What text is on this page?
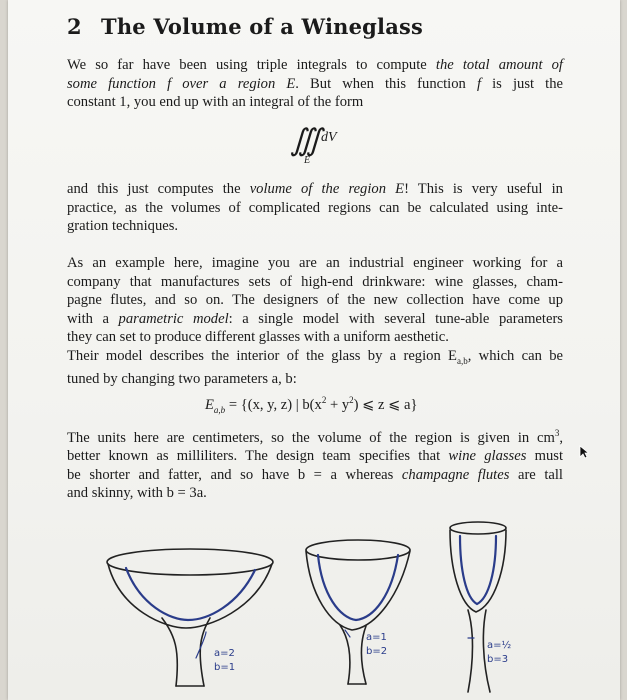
2 The Volume of a Wineglass
We so far have been using triple integrals to compute the total amount of
some function f over a region E. But when this function f is just the
constant 1, you end up with an integral of the form
∭ dV
E
and this just computes the volume of the region E! This is very useful in
practice, as the volumes of complicated regions can be calculated using inte-
gration techniques.
As an example here, imagine you are an industrial engineer working for a
company that manufactures sets of high-end drinkware: wine glasses, cham-
pagne flutes, and so on. The designers of the new collection have come up
with a parametric model: a single model with several tune-able parameters
they can set to produce different glasses with a uniform aesthetic.
Their model describes the interior of the glass by a region $E_{a,b}$, which can be
tuned by changing two parameters a, b:
$E_{a,b} = \{(x$, y, z) | $b(x^2 + y^2)$ ⩽ z ⩽ a}
The units here are centimeters, so the volume of the region is given in $cm^3$,
better known as milliliters. The design team specifies that wine glasses must
be shorter and fatter, and so have b = a whereas champagne flutes are tall
and skinny, with b = 3a.
a=2
b=1
a=1
b=2
a=½
b=3
